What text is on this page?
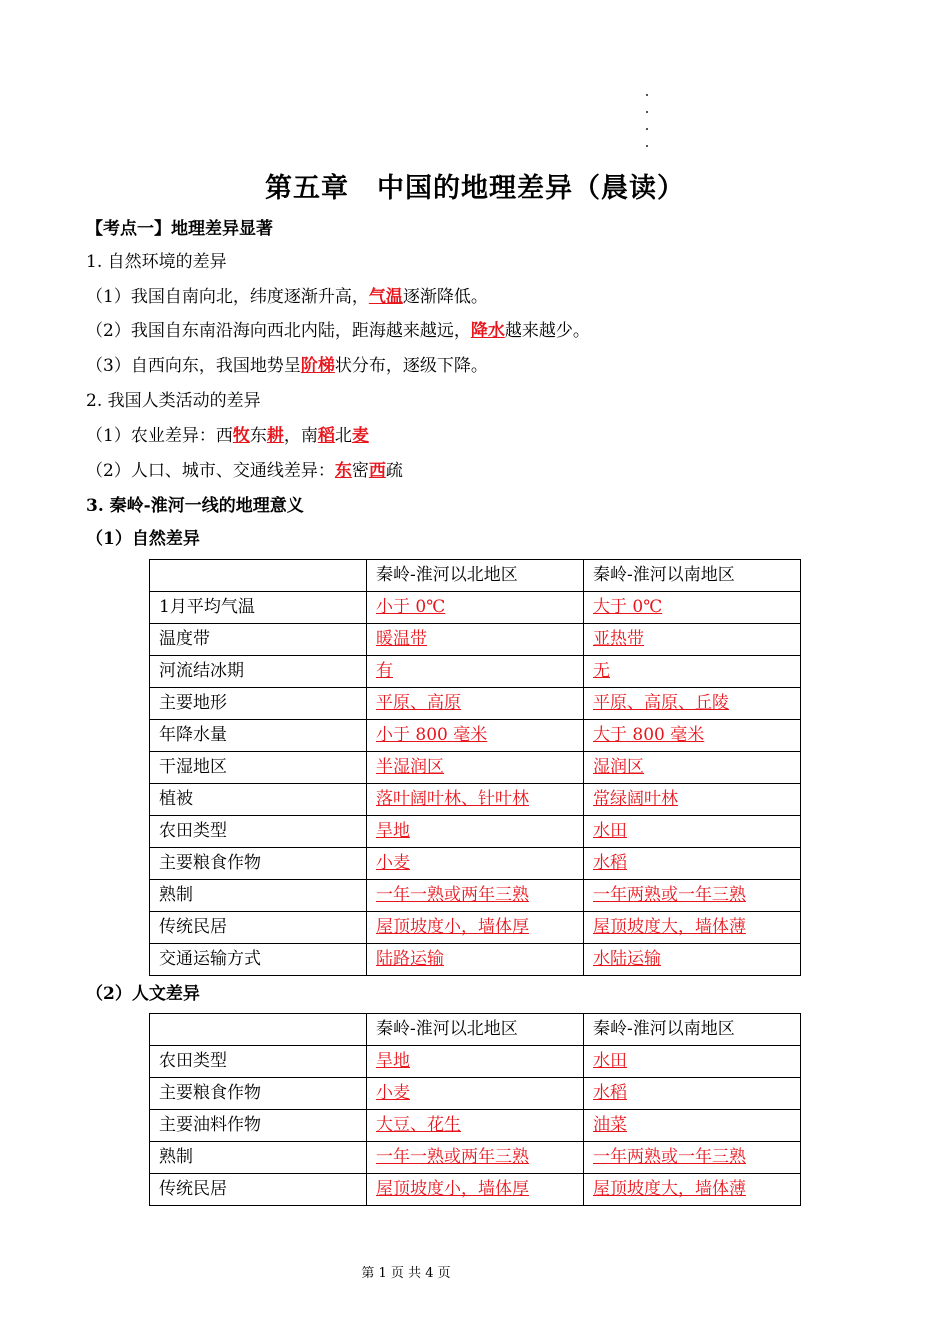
第五章　中国的地理差异（晨读）
【考点一】地理差异显著
1. 自然环境的差异
（1）我国自南向北，纬度逐渐升高，气温逐渐降低。
（2）我国自东南沿海向西北内陆，距海越来越远，降水越来越少。
（3）自西向东，我国地势呈阶梯状分布，逐级下降。
2. 我国人类活动的差异
（1）农业差异：西牧东耕，南稻北麦
（2）人口、城市、交通线差异：东密西疏
3. 秦岭-淮河一线的地理意义
（1）自然差异
	秦岭-淮河以北地区	秦岭-淮河以南地区
1月平均气温	小于 0℃	大于 0℃
温度带	暖温带	亚热带
河流结冰期	有	无
主要地形	平原、高原	平原、高原、丘陵
年降水量	小于 800 毫米	大于 800 毫米
干湿地区	半湿润区	湿润区
植被	落叶阔叶林、针叶林	常绿阔叶林
农田类型	旱地	水田
主要粮食作物	小麦	水稻
熟制	一年一熟或两年三熟	一年两熟或一年三熟
传统民居	屋顶坡度小，墙体厚	屋顶坡度大，墙体薄
交通运输方式	陆路运输	水陆运输
（2）人文差异
	秦岭-淮河以北地区	秦岭-淮河以南地区
农田类型	旱地	水田
主要粮食作物	小麦	水稻
主要油料作物	大豆、花生	油菜
熟制	一年一熟或两年三熟	一年两熟或一年三熟
传统民居	屋顶坡度小，墙体厚	屋顶坡度大，墙体薄
第 1 页 共 4 页
